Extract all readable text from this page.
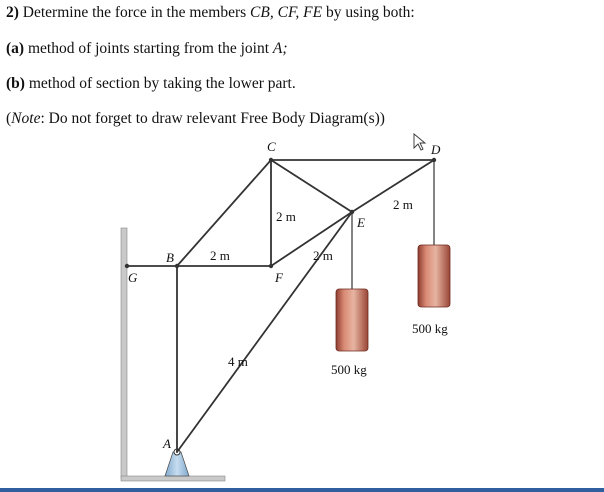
2) Determine the force in the members CB, CF, FE by using both:
(a) method of joints starting from the joint A;
(b) method of section by taking the lower part.
(Note: Do not forget to draw relevant Free Body Diagram(s))
C	D
E
F
B
G
A
2 m
2 m
2 m
2 m
4 m
500 kg
500 kg
